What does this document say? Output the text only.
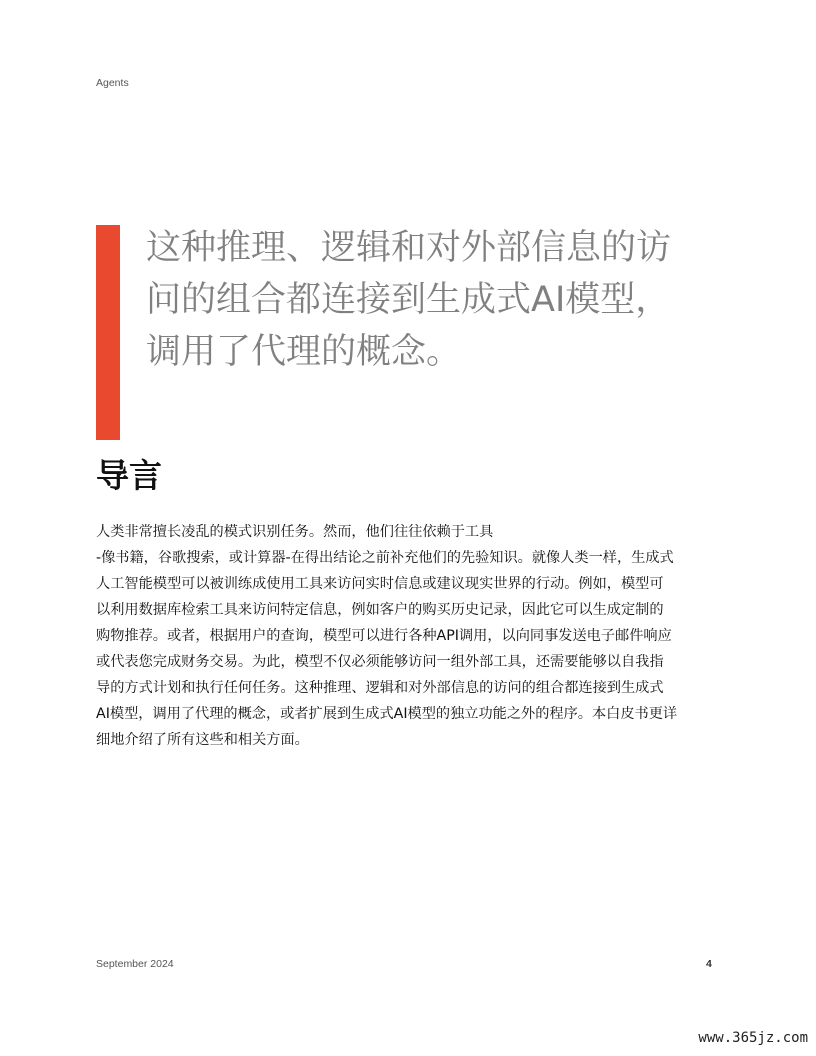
Agents
这种推理、逻辑和对外部信息的访
问的组合都连接到生成式AI模型，
调用了代理的概念。
导言

人类非常擅长凌乱的模式识别任务。然而，他们往往依赖于工具
-像书籍，谷歌搜索，或计算器-在得出结论之前补充他们的先验知识。就像人类一样，生成式
人工智能模型可以被训练成使用工具来访问实时信息或建议现实世界的行动。例如，模型可
以利用数据库检索工具来访问特定信息，例如客户的购买历史记录，因此它可以生成定制的
购物推荐。或者，根据用户的查询，模型可以进行各种API调用，以向同事发送电子邮件响应
或代表您完成财务交易。为此，模型不仅必须能够访问一组外部工具，还需要能够以自我指
导的方式计划和执行任何任务。这种推理、逻辑和对外部信息的访问的组合都连接到生成式
AI模型，调用了代理的概念，或者扩展到生成式AI模型的独立功能之外的程序。本白皮书更详
细地介绍了所有这些和相关方面。

September 2024	4
www.365jz.com
